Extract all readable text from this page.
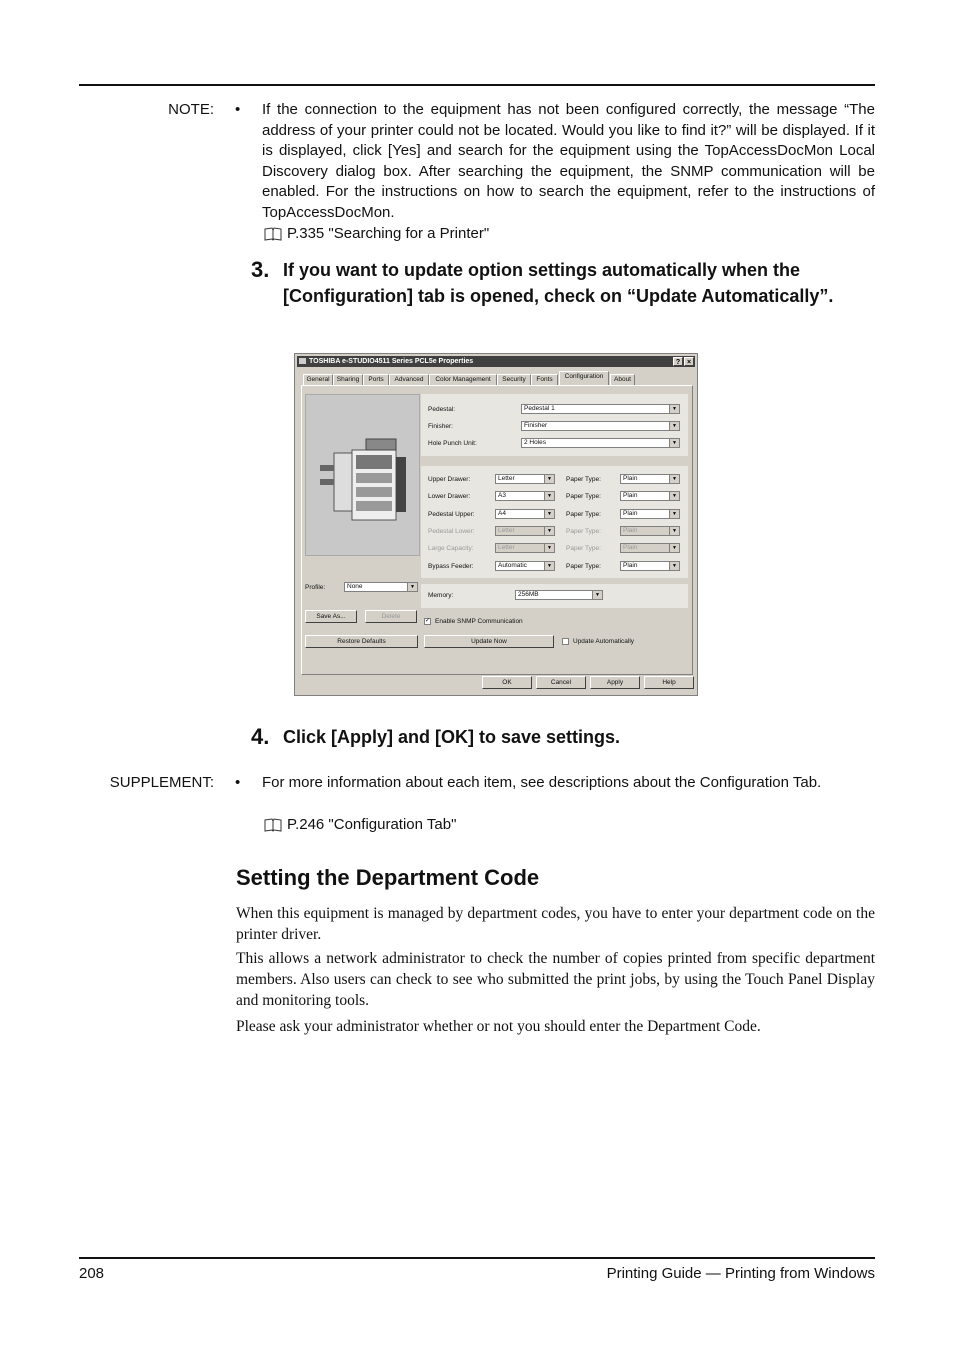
NOTE: • If the connection to the equipment has not been configured correctly, the message “The address of your printer could not be located. Would you like to find it?” will be displayed. If it is displayed, click [Yes] and search for the equipment using the TopAccessDocMon Local Discovery dialog box. After searching the equipment, the SNMP communication will be enabled. For the instructions on how to search the equipment, refer to the instructions of TopAccessDocMon.
P.335 "Searching for a Printer"
3. If you want to update option settings automatically when the [Configuration] tab is opened, check on “Update Automatically”.
TOSHIBA e-STUDIO4511 Series PCL5e Properties	? ×
General	Sharing	Ports	Advanced	Color Management	Security	Fonts	Configuration	About
Pedestal:	Pedestal 1	▼
Finisher:	Finisher	▼
Hole Punch Unit:	2 Holes	▼
Upper Drawer:	Letter	▼	Paper Type:	Plain	▼
Lower Drawer:	A3	▼	Paper Type:	Plain	▼
Pedestal Upper:	A4	▼	Paper Type:	Plain	▼
Pedestal Lower:	Letter	▼	Paper Type:	Plain	▼
Large Capacity:	Letter	▼	Paper Type:	Plain	▼
Bypass Feeder:	Automatic	▼	Paper Type:	Plain	▼
Memory:	256MB	▼
Profile:	None	▼
Save As...	Delete
✓ Enable SNMP Communication
Restore Defaults	Update Now	Update Automatically
OK	Cancel	Apply	Help
4. Click [Apply] and [OK] to save settings.
SUPPLEMENT: • For more information about each item, see descriptions about the Configuration Tab.
P.246 "Configuration Tab"
Setting the Department Code
When this equipment is managed by department codes, you have to enter your department code on the printer driver.
This allows a network administrator to check the number of copies printed from specific department members. Also users can check to see who submitted the print jobs, by using the Touch Panel Display and monitoring tools.
Please ask your administrator whether or not you should enter the Department Code.
208	Printing Guide — Printing from Windows
